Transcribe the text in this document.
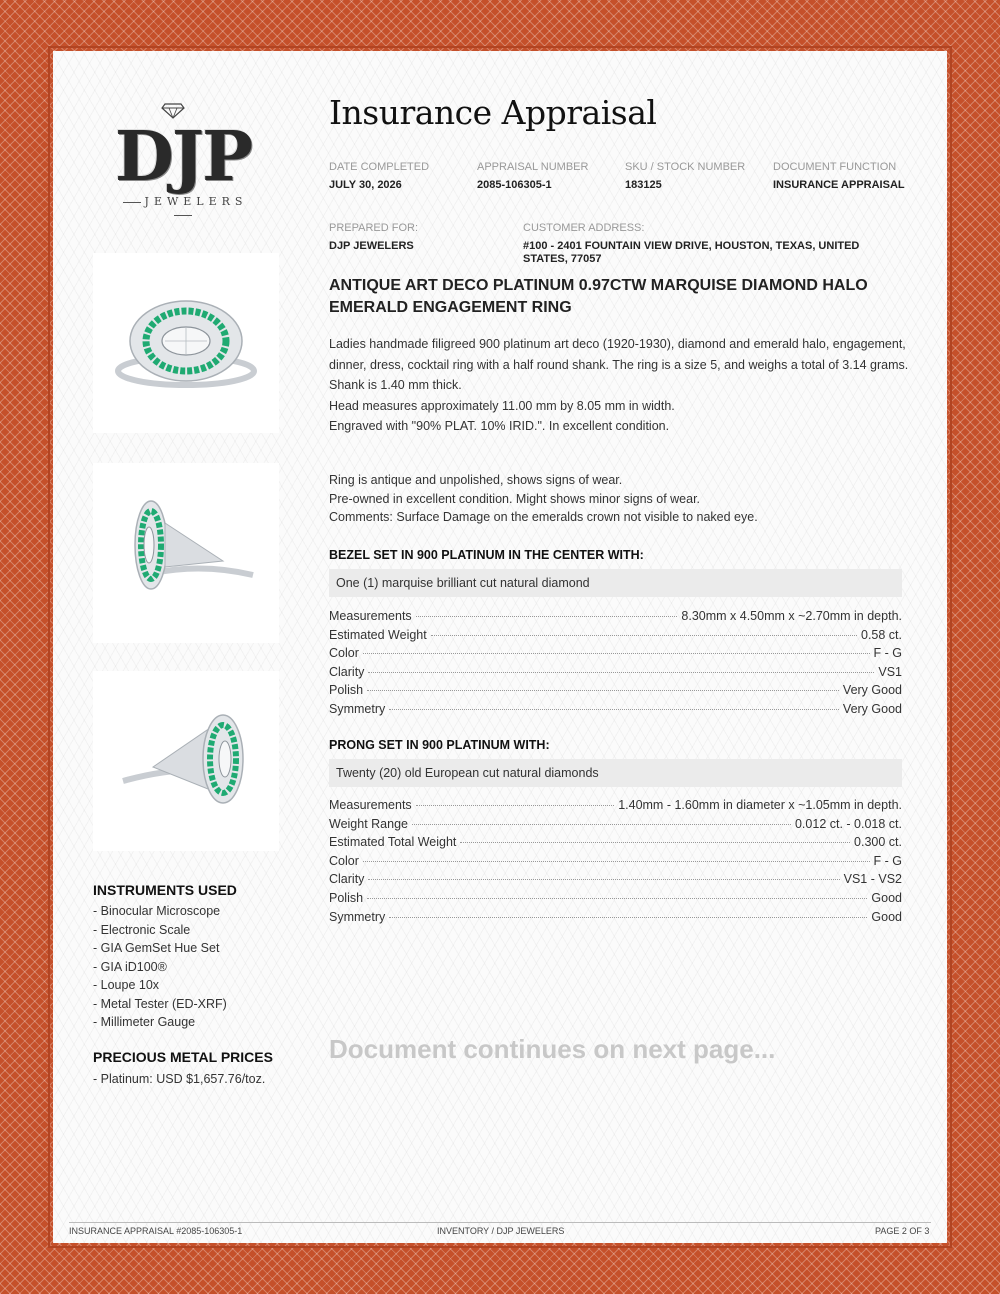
DJP
JEWELERS
INSTRUMENTS USED
- Binocular Microscope
- Electronic Scale
- GIA GemSet Hue Set
- GIA iD100®
- Loupe 10x
- Metal Tester (ED-XRF)
- Millimeter Gauge
PRECIOUS METAL PRICES
- Platinum: USD $1,657.76/toz.
Insurance Appraisal
DATE COMPLETED
JULY 30, 2026
APPRAISAL NUMBER
2085-106305-1
SKU / STOCK NUMBER
183125
DOCUMENT FUNCTION
INSURANCE APPRAISAL
PREPARED FOR:
DJP JEWELERS
CUSTOMER ADDRESS:
#100 - 2401 FOUNTAIN VIEW DRIVE, HOUSTON, TEXAS, UNITED STATES, 77057
ANTIQUE ART DECO PLATINUM 0.97CTW MARQUISE DIAMOND HALO EMERALD ENGAGEMENT RING
Ladies handmade filigreed 900 platinum art deco (1920-1930), diamond and emerald halo, engagement, dinner, dress, cocktail ring with a half round shank. The ring is a size 5, and weighs a total of 3.14 grams.
Shank is 1.40 mm thick.
Head measures approximately 11.00 mm by 8.05 mm in width.
Engraved with "90% PLAT. 10% IRID.". In excellent condition.
Ring is antique and unpolished, shows signs of wear.
Pre-owned in excellent condition. Might shows minor signs of wear.
Comments: Surface Damage on the emeralds crown not visible to naked eye.
BEZEL SET IN 900 PLATINUM IN THE CENTER WITH:
One (1) marquise brilliant cut natural diamond
Measurements	8.30mm x 4.50mm x ~2.70mm in depth.
Estimated Weight	0.58 ct.
Color	F - G
Clarity	VS1
Polish	Very Good
Symmetry	Very Good
PRONG SET IN 900 PLATINUM WITH:
Twenty (20) old European cut natural diamonds
Measurements	1.40mm - 1.60mm in diameter x ~1.05mm in depth.
Weight Range	0.012 ct. - 0.018 ct.
Estimated Total Weight	0.300 ct.
Color	F - G
Clarity	VS1 - VS2
Polish	Good
Symmetry	Good
Document continues on next page...
INSURANCE APPRAISAL #2085-106305-1	INVENTORY / DJP JEWELERS	PAGE 2 OF 3
